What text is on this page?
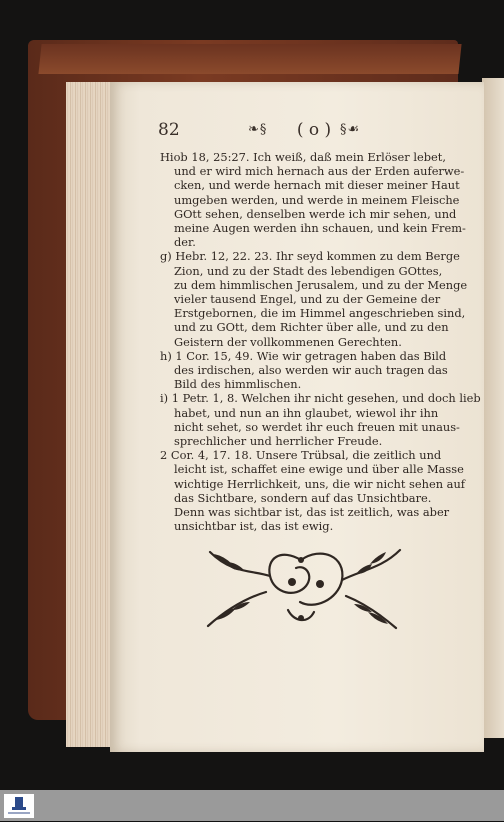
82	❧§	( o ) §☙
Hiob 18, 25:27. Ich weiß, daß mein Erlöser lebet,
und er wird mich hernach aus der Erden auferwe-
cken, und werde hernach mit dieser meiner Haut
umgeben werden, und werde in meinem Fleische
GOtt sehen, denselben werde ich mir sehen, und
meine Augen werden ihn schauen, und kein Frem-
der.
g) Hebr. 12, 22. 23. Ihr seyd kommen zu dem Berge
Zion, und zu der Stadt des lebendigen GOttes,
zu dem himmlischen Jerusalem, und zu der Menge
vieler tausend Engel, und zu der Gemeine der
Erstgebornen, die im Himmel angeschrieben sind,
und zu GOtt, dem Richter über alle, und zu den
Geistern der vollkommenen Gerechten.
h) 1 Cor. 15, 49. Wie wir getragen haben das Bild
des irdischen, also werden wir auch tragen das
Bild des himmlischen.
i) 1 Petr. 1, 8. Welchen ihr nicht gesehen, und doch lieb
habet, und nun an ihn glaubet, wiewol ihr ihn
nicht sehet, so werdet ihr euch freuen mit unaus-
sprechlicher und herrlicher Freude.
2 Cor. 4, 17. 18. Unsere Trübsal, die zeitlich und
leicht ist, schaffet eine ewige und über alle Masse
wichtige Herrlichkeit, uns, die wir nicht sehen auf
das Sichtbare, sondern auf das Unsichtbare.
Denn was sichtbar ist, das ist zeitlich, was aber
unsichtbar ist, das ist ewig.
